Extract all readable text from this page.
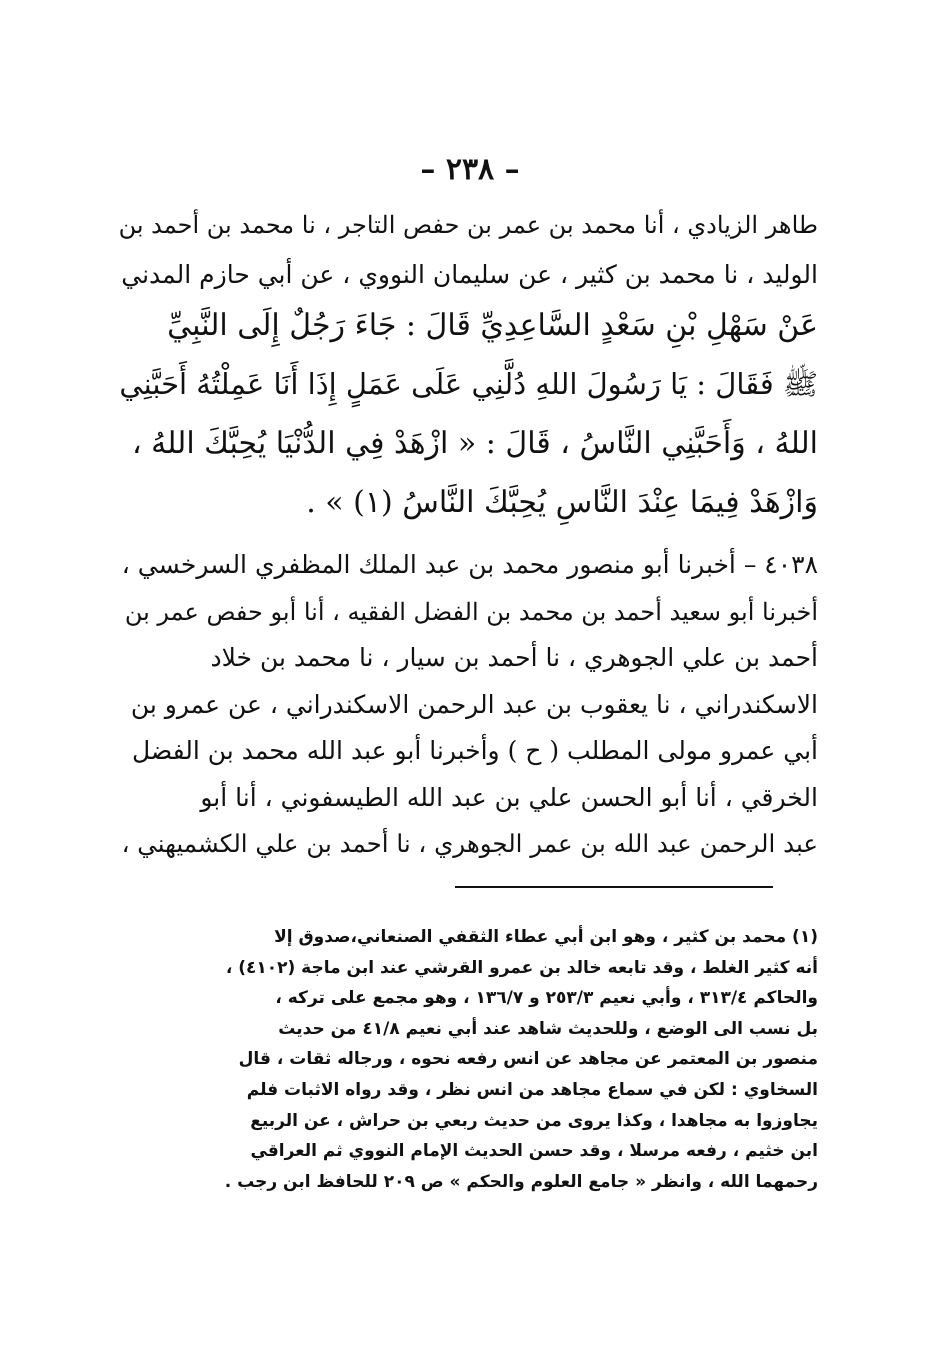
– ٢٣٨ –
طاهر الزيادي ، أنا محمد بن عمر بن حفص التاجر ، نا محمد بن أحمد بن
الوليد ، نا محمد بن كثير ، عن سليمان النووي ، عن أبي حازم المدني
عَنْ سَهْلِ بْنِ سَعْدٍ السَّاعِدِيِّ قَالَ : جَاءَ رَجُلٌ إِلَى النَّبِيِّ
ﷺ فَقَالَ : يَا رَسُولَ اللهِ دُلَّنِي عَلَى عَمَلٍ إِذَا أَنَا عَمِلْتُهُ أَحَبَّنِي
اللهُ ، وَأَحَبَّنِي النَّاسُ ، قَالَ : « ازْهَدْ فِي الدُّنْيَا يُحِبَّكَ اللهُ ،
وَازْهَدْ فِيمَا عِنْدَ النَّاسِ يُحِبَّكَ النَّاسُ (١) » .
٤٠٣٨ – أخبرنا أبو منصور محمد بن عبد الملك المظفري السرخسي ،
أخبرنا أبو سعيد أحمد بن محمد بن الفضل الفقيه ، أنا أبو حفص عمر بن
أحمد بن علي الجوهري ، نا أحمد بن سيار ، نا محمد بن خلاد
الاسكندراني ، نا يعقوب بن عبد الرحمن الاسكندراني ، عن عمرو بن
أبي عمرو مولى المطلب ( ح ) وأخبرنا أبو عبد الله محمد بن الفضل
الخرقي ، أنا أبو الحسن علي بن عبد الله الطيسفوني ، أنا أبو
عبد الرحمن عبد الله بن عمر الجوهري ، نا أحمد بن علي الكشميهني ،
(١) محمد بن كثير ، وهو ابن أبي عطاء الثقفي الصنعاني،صدوق إلا
أنه كثير الغلط ، وقد تابعه خالد بن عمرو القرشي عند ابن ماجة (٤١٠٢) ،
والحاكم ٣١٣/٤ ، وأبي نعيم ٢٥٣/٣ و ١٣٦/٧ ، وهو مجمع على تركه ،
بل نسب الى الوضع ، وللحديث شاهد عند أبي نعيم ٤١/٨ من حديث
منصور بن المعتمر عن مجاهد عن انس رفعه نحوه ، ورجاله ثقات ، قال
السخاوي : لكن في سماع مجاهد من انس نظر ، وقد رواه الاثبات فلم
يجاوزوا به مجاهدا ، وكذا يروى من حديث ربعي بن حراش ، عن الربيع
ابن خثيم ، رفعه مرسلا ، وقد حسن الحديث الإمام النووي ثم العراقي
رحمهما الله ، وانظر « جامع العلوم والحكم » ص ٢٠٩ للحافظ ابن رجب .
